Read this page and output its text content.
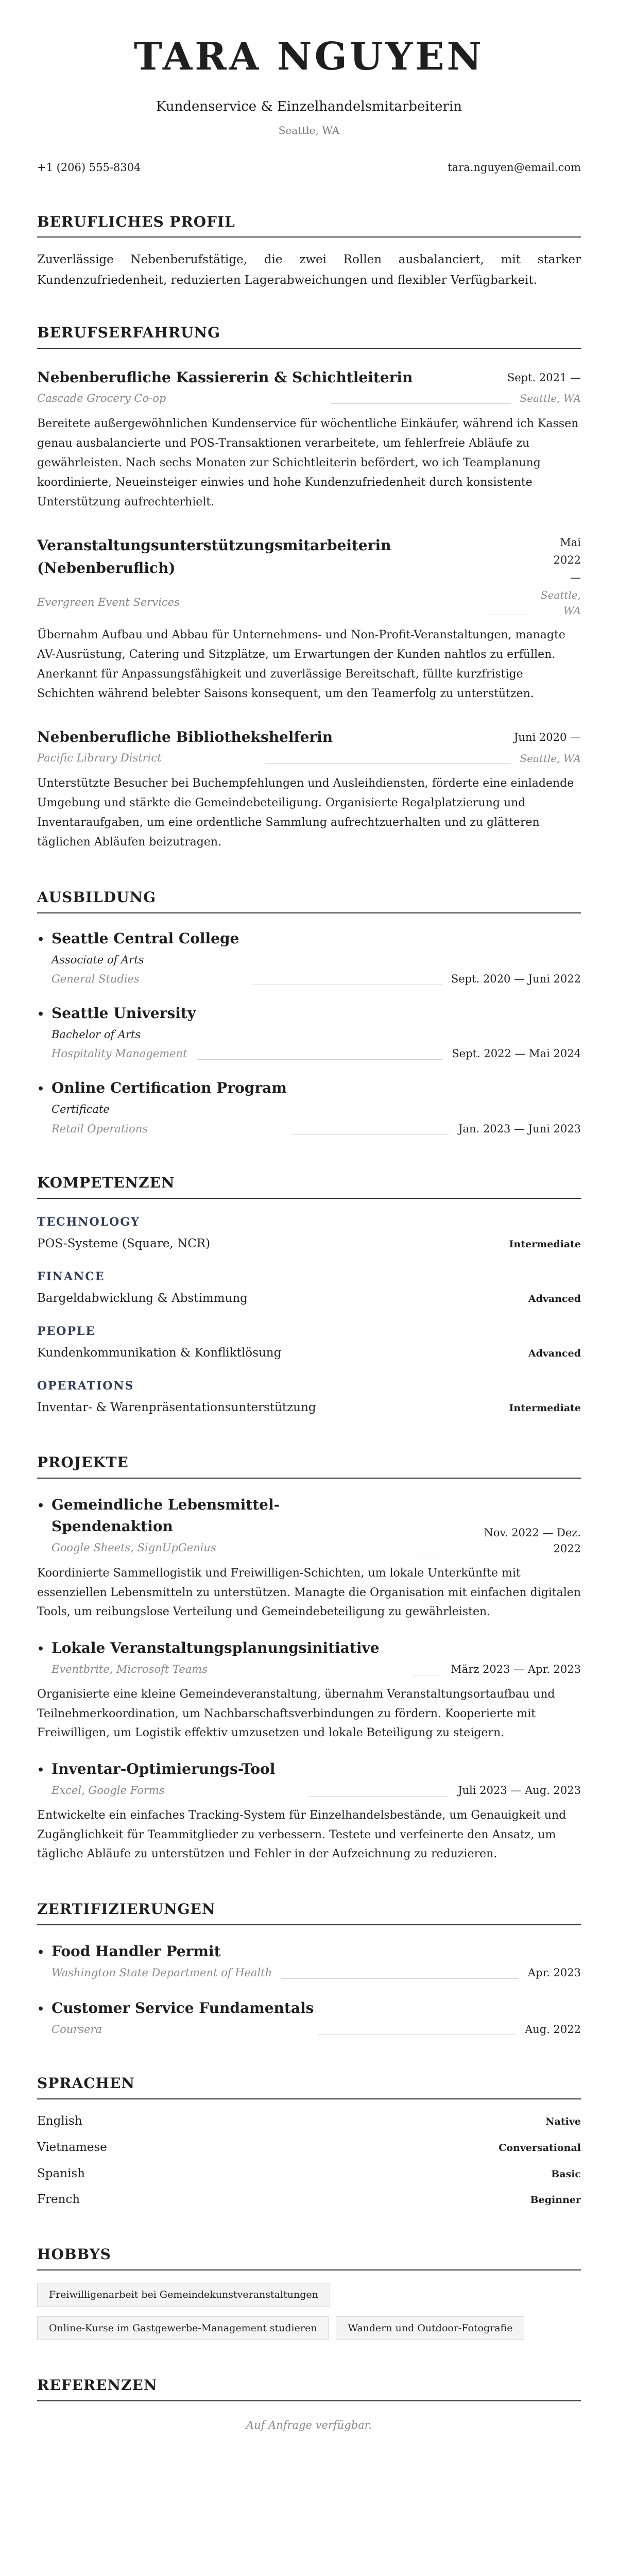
TARA NGUYEN
Kundenservice & Einzelhandelsmitarbeiterin
Seattle, WA
+1 (206) 555-8304	tara.nguyen@email.com
BERUFLICHES PROFIL
Zuverlässige Nebenberufstätige, die zwei Rollen ausbalanciert, mit starker Kundenzufriedenheit, reduzierten Lagerabweichungen und flexibler Verfügbarkeit.
BERUFSERFAHRUNG
Nebenberufliche Kassiererin & Schichtleiterin	Sept. 2021 —
Cascade Grocery Co-op	Seattle, WA
Bereitete außergewöhnlichen Kundenservice für wöchentliche Einkäufer, während ich Kassen genau ausbalancierte und POS-Transaktionen verarbeitete, um fehlerfreie Abläufe zu gewährleisten. Nach sechs Monaten zur Schichtleiterin befördert, wo ich Teamplanung koordinierte, Neueinsteiger einwies und hohe Kundenzufriedenheit durch konsistente Unterstützung aufrechterhielt.
Veranstaltungsunterstützungsmitarbeiterin (Nebenberuflich)
Mai 2022 —
Evergreen Event Services
Seattle, WA
Übernahm Aufbau und Abbau für Unternehmens- und Non-Profit-Veranstaltungen, managte AV-Ausrüstung, Catering und Sitzplätze, um Erwartungen der Kunden nahtlos zu erfüllen. Anerkannt für Anpassungsfähigkeit und zuverlässige Bereitschaft, füllte kurzfristige Schichten während belebter Saisons konsequent, um den Teamerfolg zu unterstützen.
Nebenberufliche Bibliothekshelferin	Juni 2020 —
Pacific Library District	Seattle, WA
Unterstützte Besucher bei Buchempfehlungen und Ausleihdiensten, förderte eine einladende Umgebung und stärkte die Gemeindebeteiligung. Organisierte Regalplatzierung und Inventaraufgaben, um eine ordentliche Sammlung aufrechtzuerhalten und zu glätteren täglichen Abläufen beizutragen.
AUSBILDUNG
• Seattle Central College
Associate of Arts
General Studies	Sept. 2020 — Juni 2022
• Seattle University
Bachelor of Arts
Hospitality Management	Sept. 2022 — Mai 2024
• Online Certification Program
Certificate
Retail Operations	Jan. 2023 — Juni 2023
KOMPETENZEN
TECHNOLOGY
POS-Systeme (Square, NCR)	Intermediate
FINANCE
Bargeldabwicklung & Abstimmung	Advanced
PEOPLE
Kundenkommunikation & Konfliktlösung	Advanced
OPERATIONS
Inventar- & Warenpräsentationsunterstützung	Intermediate
PROJEKTE
• Gemeindliche Lebensmittel-Spendenaktion
Google Sheets, SignUpGenius
Nov. 2022 — Dez. 2022
Koordinierte Sammellogistik und Freiwilligen-Schichten, um lokale Unterkünfte mit essenziellen Lebensmitteln zu unterstützen. Managte die Organisation mit einfachen digitalen Tools, um reibungslose Verteilung und Gemeindebeteiligung zu gewährleisten.
• Lokale Veranstaltungsplanungsinitiative
Eventbrite, Microsoft Teams	März 2023 — Apr. 2023
Organisierte eine kleine Gemeindeveranstaltung, übernahm Veranstaltungsortaufbau und Teilnehmerkoordination, um Nachbarschaftsverbindungen zu fördern. Kooperierte mit Freiwilligen, um Logistik effektiv umzusetzen und lokale Beteiligung zu steigern.
• Inventar-Optimierungs-Tool
Excel, Google Forms	Juli 2023 — Aug. 2023
Entwickelte ein einfaches Tracking-System für Einzelhandelsbestände, um Genauigkeit und Zugänglichkeit für Teammitglieder zu verbessern. Testete und verfeinerte den Ansatz, um tägliche Abläufe zu unterstützen und Fehler in der Aufzeichnung zu reduzieren.
ZERTIFIZIERUNGEN
• Food Handler Permit
Washington State Department of Health	Apr. 2023
• Customer Service Fundamentals
Coursera	Aug. 2022
SPRACHEN
English	Native
Vietnamese	Conversational
Spanish	Basic
French	Beginner
HOBBYS
Freiwilligenarbeit bei Gemeindekunstveranstaltungen
Online-Kurse im Gastgewerbe-Management studieren	Wandern und Outdoor-Fotografie
REFERENZEN
Auf Anfrage verfügbar.
